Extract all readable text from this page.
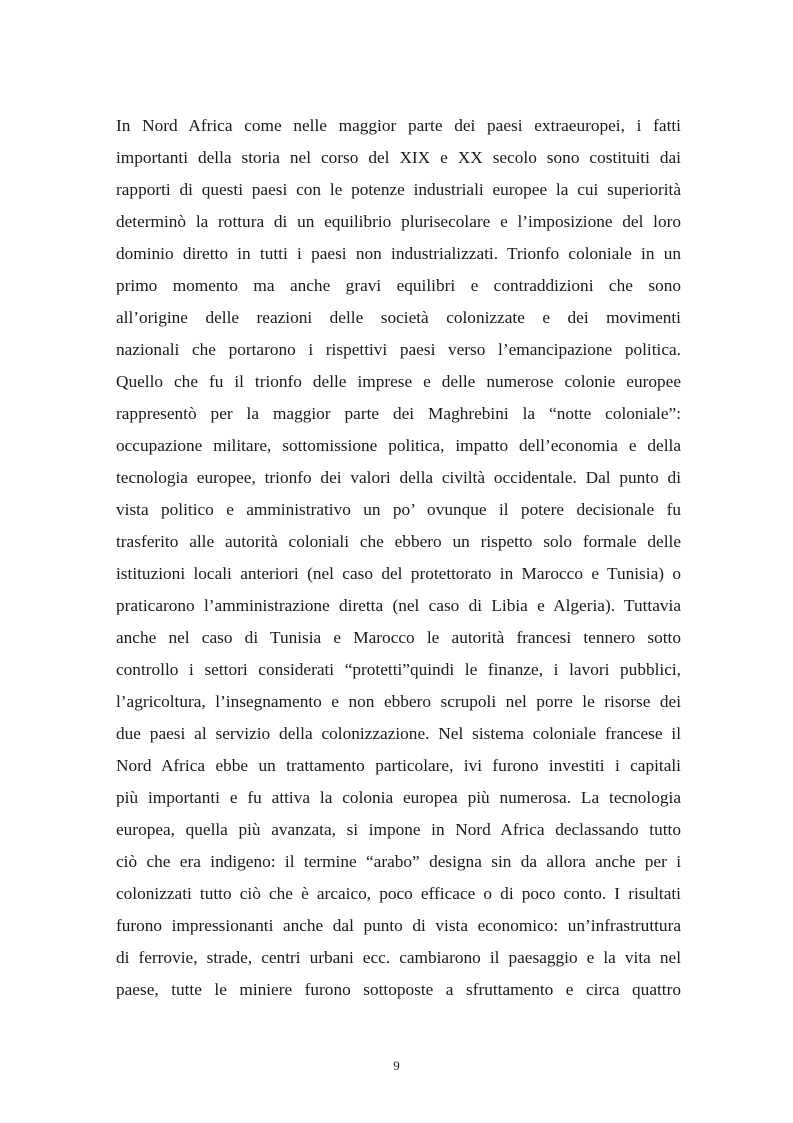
In Nord Africa come nelle maggior parte dei paesi extraeuropei, i fatti
importanti della storia nel corso del XIX e XX secolo sono costituiti dai
rapporti di questi paesi con le potenze industriali europee la cui superiorità
determinò la rottura di un equilibrio plurisecolare e l’imposizione del loro
dominio diretto in tutti i paesi non industrializzati. Trionfo coloniale in un
primo momento ma anche gravi equilibri e contraddizioni che sono
all’origine delle reazioni delle società colonizzate e dei movimenti
nazionali che portarono i rispettivi paesi verso l’emancipazione politica.
Quello che fu il trionfo delle imprese e delle numerose colonie europee
rappresentò per la maggior parte dei Maghrebini la “notte coloniale”:
occupazione militare, sottomissione politica, impatto dell’economia e della
tecnologia europee, trionfo dei valori della civiltà occidentale. Dal punto di
vista politico e amministrativo un po’ ovunque il potere decisionale fu
trasferito alle autorità coloniali che ebbero un rispetto solo formale delle
istituzioni locali anteriori (nel caso del protettorato in Marocco e Tunisia) o
praticarono l’amministrazione diretta (nel caso di Libia e Algeria). Tuttavia
anche nel caso di Tunisia e Marocco le autorità francesi tennero sotto
controllo i settori considerati “protetti”quindi le finanze, i lavori pubblici,
l’agricoltura, l’insegnamento e non ebbero scrupoli nel porre le risorse dei
due paesi al servizio della colonizzazione. Nel sistema coloniale francese il
Nord Africa ebbe un trattamento particolare, ivi furono investiti i capitali
più importanti e fu attiva la colonia europea più numerosa. La tecnologia
europea, quella più avanzata, si impone in Nord Africa declassando tutto
ciò che era indigeno: il termine “arabo” designa sin da allora anche per i
colonizzati tutto ciò che è arcaico, poco efficace o di poco conto. I risultati
furono impressionanti anche dal punto di vista economico: un’infrastruttura
di ferrovie, strade, centri urbani ecc. cambiarono il paesaggio e la vita nel
paese, tutte le miniere furono sottoposte a sfruttamento e circa quattro
9
